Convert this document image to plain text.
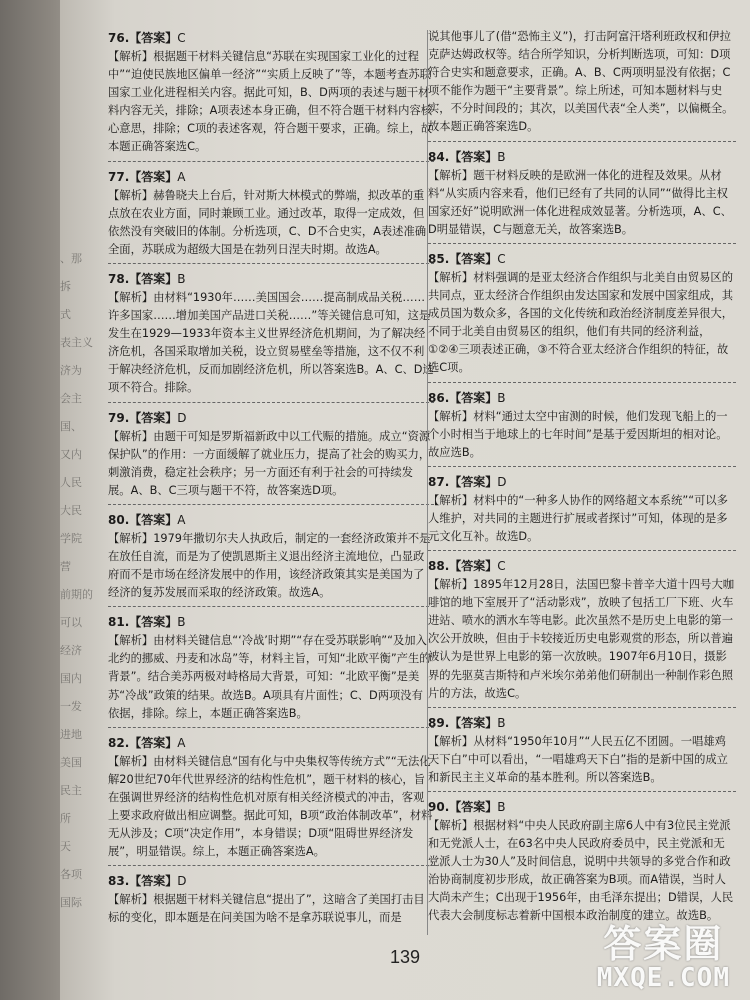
、那
拆
式
表主义
济为
会主
国、
又内
人民
大民
学院
营
前期的
可以
经济
国内
一发
进地
美国
民主
所
天
各项
国际
76.【答案】C
【解析】根据题干材料关键信息“苏联在实现国家工业化的过程中”“迫使民族地区偏单一经济”“实质上反映了”等，本题考查苏联国家工业化进程相关内容。据此可知，B、D两项的表述与题干材料内容无关，排除；A项表述本身正确，但不符合题干材料内容核心意思，排除；C项的表述客观，符合题干要求，正确。综上，故本题正确答案选C。
77.【答案】A
【解析】赫鲁晓夫上台后，针对斯大林模式的弊端，拟改革的重点放在农业方面，同时兼顾工业。通过改革，取得一定成效，但依然没有突破旧的体制。分析选项，C、D不合史实，A表述准确全面，苏联成为超级大国是在勃列日涅夫时期。故选A。
78.【答案】B
【解析】由材料“1930年……美国国会……提高制成品关税……许多国家……增加美国产品进口关税……”等关键信息可知，这是发生在1929—1933年资本主义世界经济危机期间，为了解决经济危机，各国采取增加关税，设立贸易壁垒等措施，这不仅不利于解决经济危机，反而加剧经济危机，所以答案选B。A、C、D选项不符合。排除。
79.【答案】D
【解析】由题干可知是罗斯福新政中以工代赈的措施。成立“资源保护队”的作用：一方面缓解了就业压力，提高了社会的购买力，刺激消费，稳定社会秩序；另一方面还有利于社会的可持续发展。A、B、C三项与题干不符，故答案选D项。
80.【答案】A
【解析】1979年撒切尔夫人执政后，制定的一套经济政策并不是在放任自流，而是为了使凯恩斯主义退出经济主流地位，凸显政府而不是市场在经济发展中的作用，该经济政策其实是美国为了经济的复苏发展而采取的经济政策。故选A。
81.【答案】B
【解析】由材料关键信息“‘冷战’时期”“存在受苏联影响”“及加入北约的挪威、丹麦和冰岛”等，材料主旨，可知“北欧平衡”产生的背景”。结合美苏两极对峙格局大背景，可知：“北欧平衡”是美苏“冷战”政策的结果。故选B。A项具有片面性；C、D两项没有依据，排除。综上，本题正确答案选B。
82.【答案】A
【解析】由材料关键信息“国有化与中央集权等传统方式”“无法化解20世纪70年代世界经济的结构性危机”，题干材料的核心，旨在强调世界经济的结构性危机对原有相关经济模式的冲击，客观上要求政府做出相应调整。据此可知，B项“政治体制改革”，材料无从涉及；C项“决定作用”，本身错误；D项“阻碍世界经济发展”，明显错误。综上，本题正确答案选A。
83.【答案】D
【解析】根据题干材料关键信息“提出了”，这暗含了美国打击目标的变化，即本题是在问美国为啥不是拿苏联说事儿，而是
说其他事儿了(借“恐怖主义”)，打击阿富汗塔利班政权和伊拉克萨达姆政权等。结合所学知识，分析判断选项，可知：D项符合史实和题意要求，正确。A、B、C两项明显没有依据；C项不能作为题干“主要背景”。综上所述，可知本题材料与史实，不分时间段的；其次，以美国代表“全人类”，以偏概全。故本题正确答案选D。
84.【答案】B
【解析】题干材料反映的是欧洲一体化的进程及效果。从材料“从实质内容来看，他们已经有了共同的认同”“做得比主权国家还好”说明欧洲一体化进程成效显著。分析选项，A、C、D明显错误，C与题意无关，故答案选B。
85.【答案】C
【解析】材料强调的是亚太经济合作组织与北美自由贸易区的共同点，亚太经济合作组织由发达国家和发展中国家组成，其成员国为数众多，各国的文化传统和政治经济制度差异很大，不同于北美自由贸易区的组织，他们有共同的经济利益，①②④三项表述正确，③不符合亚太经济合作组织的特征，故选C项。
86.【答案】B
【解析】材料“通过太空中宙测的时候，他们发现飞船上的一个小时相当于地球上的七年时间”是基于爱因斯坦的相对论。故应选B。
87.【答案】D
【解析】材料中的“一种多人协作的网络超文本系统”“可以多人维护，对共同的主题进行扩展或者探讨”可知，体现的是多元文化互补。故选D。
88.【答案】C
【解析】1895年12月28日，法国巴黎卡普辛大道十四号大咖啡馆的地下室展开了“活动影戏”，放映了包括工厂下班、火车进站、喷水的洒水车等电影。此次虽然不是历史上电影的第一次公开放映，但由于卡较接近历史电影观赏的形态，所以普遍被认为是世界上电影的第一次放映。1907年6月10日，摄影界的先驱莫吉斯特和卢米埃尔弟弟他们研制出一种制作彩色照片的方法，故选C。
89.【答案】B
【解析】从材料“1950年10月”“人民五亿不团圆。一唱雄鸡天下白”中可以看出，“一唱雄鸡天下白”指的是新中国的成立和新民主主义革命的基本胜利。所以答案选B。
90.【答案】B
【解析】根据材料“中央人民政府副主席6人中有3位民主党派和无党派人士，在63名中央人民政府委员中，民主党派和无党派人士为30人”及时间信息，说明中共领导的多党合作和政治协商制度初步形成，故正确答案为B项。而A错误，当时人大尚未产生；C出现于1956年，由毛泽东提出；D错误，人民代表大会制度标志着新中国根本政治制度的建立。故选B。
139	答案圈
MXQE.COM
